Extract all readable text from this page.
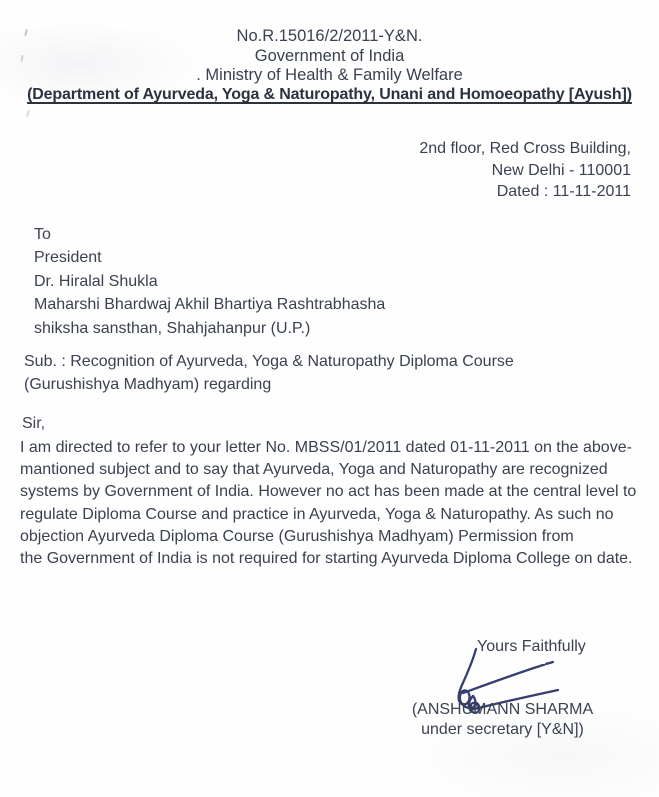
No.R.15016/2/2011-Y&N.
Government of India
. Ministry of Health & Family Welfare
(Department of Ayurveda, Yoga & Naturopathy, Unani and Homoeopathy [Ayush])
2nd floor, Red Cross Building,
New Delhi - 110001
Dated : 11-11-2011
To
President
Dr. Hiralal Shukla
Maharshi Bhardwaj Akhil Bhartiya Rashtrabhasha
shiksha sansthan, Shahjahanpur (U.P.)
Sub. : Recognition of Ayurveda, Yoga & Naturopathy Diploma Course
(Gurushishya Madhyam) regarding
Sir,
I am directed to refer to your letter No. MBSS/01/2011 dated 01-11-2011 on the above-
mantioned subject and to say that Ayurveda, Yoga and Naturopathy are recognized
systems by Government of India. However no act has been made at the central level to
regulate Diploma Course and practice in Ayurveda, Yoga & Naturopathy. As such no
objection Ayurveda Diploma Course (Gurushishya Madhyam) Permission from
the Government of India is not required for starting Ayurveda Diploma College on date.
Yours Faithfully
(ANSHUMANN SHARMA
under secretary [Y&N])
